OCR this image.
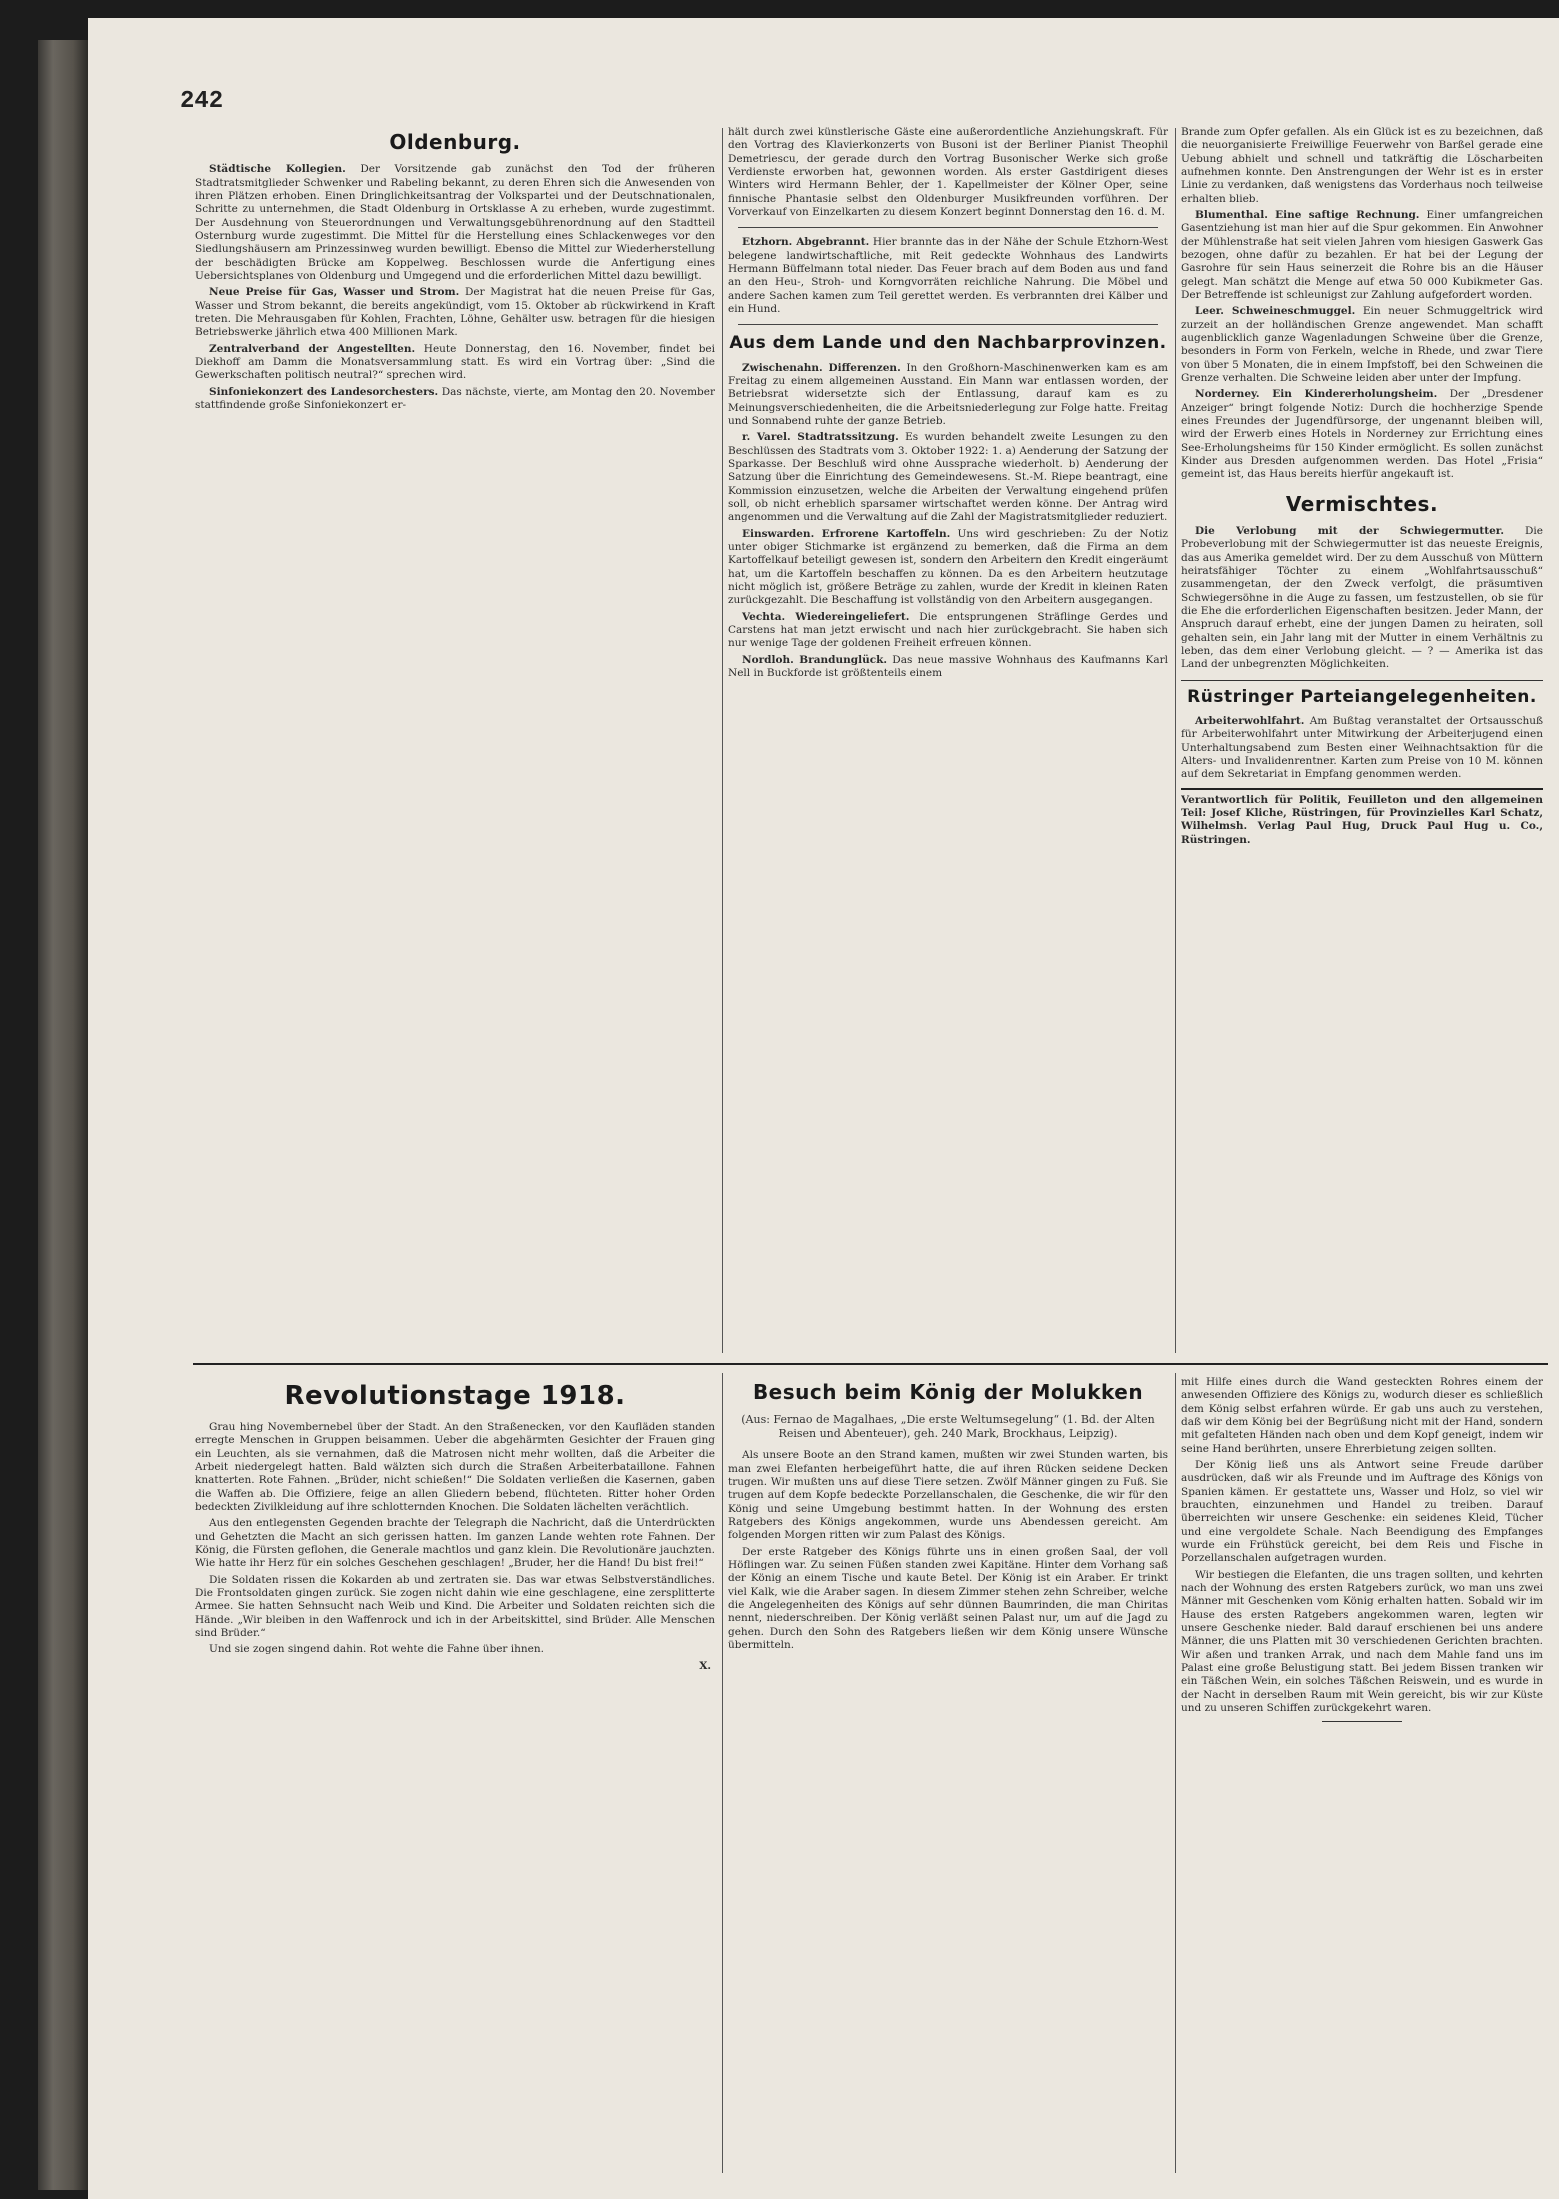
242
Oldenburg.

Städtische Kollegien. Der Vorsitzende gab zunächst den Tod der früheren Stadtratsmitglieder Schwenker und Rabeling bekannt, zu deren Ehren sich die Anwesenden von ihren Plätzen erhoben. Einen Dringlichkeitsantrag der Volkspartei und der Deutschnationalen, Schritte zu unternehmen, die Stadt Oldenburg in Ortsklasse A zu erheben, wurde zugestimmt. Der Ausdehnung von Steuerordnungen und Verwaltungsgebührenordnung auf den Stadtteil Osternburg wurde zugestimmt. Die Mittel für die Herstellung eines Schlackenweges vor den Siedlungshäusern am Prinzessinweg wurden bewilligt. Ebenso die Mittel zur Wiederherstellung der beschädigten Brücke am Koppelweg. Beschlossen wurde die Anfertigung eines Uebersichtsplanes von Oldenburg und Umgegend und die erforderlichen Mittel dazu bewilligt.

Neue Preise für Gas, Wasser und Strom. Der Magistrat hat die neuen Preise für Gas, Wasser und Strom bekannt, die bereits angekündigt, vom 15. Oktober ab rückwirkend in Kraft treten. Die Mehrausgaben für Kohlen, Frachten, Löhne, Gehälter usw. betragen für die hiesigen Betriebswerke jährlich etwa 400 Millionen Mark.

Zentralverband der Angestellten. Heute Donnerstag, den 16. November, findet bei Diekhoff am Damm die Monatsversammlung statt. Es wird ein Vortrag über: „Sind die Gewerkschaften politisch neutral?“ sprechen wird.

Sinfoniekonzert des Landesorchesters. Das nächste, vierte, am Montag den 20. November stattfindende große Sinfoniekonzert er-

hält durch zwei künstlerische Gäste eine außerordentliche Anziehungskraft. Für den Vortrag des Klavierkonzerts von Busoni ist der Berliner Pianist Theophil Demetriescu, der gerade durch den Vortrag Busonischer Werke sich große Verdienste erworben hat, gewonnen worden. Als erster Gastdirigent dieses Winters wird Hermann Behler, der 1. Kapellmeister der Kölner Oper, seine finnische Phantasie selbst den Oldenburger Musikfreunden vorführen. Der Vorverkauf von Einzelkarten zu diesem Konzert beginnt Donnerstag den 16. d. M.

Etzhorn. Abgebrannt. Hier brannte das in der Nähe der Schule Etzhorn-West belegene landwirtschaftliche, mit Reit gedeckte Wohnhaus des Landwirts Hermann Büffelmann total nieder. Das Feuer brach auf dem Boden aus und fand an den Heu-, Stroh- und Korngvorräten reichliche Nahrung. Die Möbel und andere Sachen kamen zum Teil gerettet werden. Es verbrannten drei Kälber und ein Hund.

Aus dem Lande und den Nachbarprovinzen.

Zwischenahn. Differenzen. In den Großhorn-Maschinenwerken kam es am Freitag zu einem allgemeinen Ausstand. Ein Mann war entlassen worden, der Betriebsrat widersetzte sich der Entlassung, darauf kam es zu Meinungsverschiedenheiten, die die Arbeitsniederlegung zur Folge hatte. Freitag und Sonnabend ruhte der ganze Betrieb.

r. Varel. Stadtratssitzung. Es wurden behandelt zweite Lesungen zu den Beschlüssen des Stadtrats vom 3. Oktober 1922: 1. a) Aenderung der Satzung der Sparkasse. Der Beschluß wird ohne Aussprache wiederholt. b) Aenderung der Satzung über die Einrichtung des Gemeindewesens. St.-M. Riepe beantragt, eine Kommission einzusetzen, welche die Arbeiten der Verwaltung eingehend prüfen soll, ob nicht erheblich sparsamer wirtschaftet werden könne. Der Antrag wird angenommen und die Verwaltung auf die Zahl der Magistratsmitglieder reduziert.

Einswarden. Erfrorene Kartoffeln. Uns wird geschrieben: Zu der Notiz unter obiger Stichmarke ist ergänzend zu bemerken, daß die Firma an dem Kartoffelkauf beteiligt gewesen ist, sondern den Arbeitern den Kredit eingeräumt hat, um die Kartoffeln beschaffen zu können. Da es den Arbeitern heutzutage nicht möglich ist, größere Beträge zu zahlen, wurde der Kredit in kleinen Raten zurückgezahlt. Die Beschaffung ist vollständig von den Arbeitern ausgegangen.

Vechta. Wiedereingeliefert. Die entsprungenen Sträflinge Gerdes und Carstens hat man jetzt erwischt und nach hier zurückgebracht. Sie haben sich nur wenige Tage der goldenen Freiheit erfreuen können.

Nordloh. Brandunglück. Das neue massive Wohnhaus des Kaufmanns Karl Nell in Buckforde ist größtenteils einem

Brande zum Opfer gefallen. Als ein Glück ist es zu bezeichnen, daß die neuorganisierte Freiwillige Feuerwehr von Barßel gerade eine Uebung abhielt und schnell und tatkräftig die Löscharbeiten aufnehmen konnte. Den Anstrengungen der Wehr ist es in erster Linie zu verdanken, daß wenigstens das Vorderhaus noch teilweise erhalten blieb.

Blumenthal. Eine saftige Rechnung. Einer umfangreichen Gasentziehung ist man hier auf die Spur gekommen. Ein Anwohner der Mühlenstraße hat seit vielen Jahren vom hiesigen Gaswerk Gas bezogen, ohne dafür zu bezahlen. Er hat bei der Legung der Gasrohre für sein Haus seinerzeit die Rohre bis an die Häuser gelegt. Man schätzt die Menge auf etwa 50 000 Kubikmeter Gas. Der Betreffende ist schleunigst zur Zahlung aufgefordert worden.

Leer. Schweineschmuggel. Ein neuer Schmuggeltrick wird zurzeit an der holländischen Grenze angewendet. Man schafft augenblicklich ganze Wagenladungen Schweine über die Grenze, besonders in Form von Ferkeln, welche in Rhede, und zwar Tiere von über 5 Monaten, die in einem Impfstoff, bei den Schweinen die Grenze verhalten. Die Schweine leiden aber unter der Impfung.

Norderney. Ein Kindererholungsheim. Der „Dresdener Anzeiger“ bringt folgende Notiz: Durch die hochherzige Spende eines Freundes der Jugendfürsorge, der ungenannt bleiben will, wird der Erwerb eines Hotels in Norderney zur Errichtung eines See-Erholungsheims für 150 Kinder ermöglicht. Es sollen zunächst Kinder aus Dresden aufgenommen werden. Das Hotel „Frisia“ gemeint ist, das Haus bereits hierfür angekauft ist.

Vermischtes.

Die Verlobung mit der Schwiegermutter. Die Probeverlobung mit der Schwiegermutter ist das neueste Ereignis, das aus Amerika gemeldet wird. Der zu dem Ausschuß von Müttern heiratsfähiger Töchter zu einem „Wohlfahrtsausschuß“ zusammengetan, der den Zweck verfolgt, die präsumtiven Schwiegersöhne in die Auge zu fassen, um festzustellen, ob sie für die Ehe die erforderlichen Eigenschaften besitzen. Jeder Mann, der Anspruch darauf erhebt, eine der jungen Damen zu heiraten, soll gehalten sein, ein Jahr lang mit der Mutter in einem Verhältnis zu leben, das dem einer Verlobung gleicht. — ? — Amerika ist das Land der unbegrenzten Möglichkeiten.

Rüstringer Parteiangelegenheiten.

Arbeiterwohlfahrt. Am Bußtag veranstaltet der Ortsausschuß für Arbeiterwohlfahrt unter Mitwirkung der Arbeiterjugend einen Unterhaltungsabend zum Besten einer Weihnachtsaktion für die Alters- und Invalidenrentner. Karten zum Preise von 10 M. können auf dem Sekretariat in Empfang genommen werden.

Verantwortlich für Politik, Feuilleton und den allgemeinen Teil: Josef Kliche, Rüstringen, für Provinzielles Karl Schatz, Wilhelmsh. Verlag Paul Hug, Druck Paul Hug u. Co., Rüstringen.
Revolutionstage 1918.

Grau hing Novembernebel über der Stadt. An den Straßenecken, vor den Kaufläden standen erregte Menschen in Gruppen beisammen. Ueber die abgehärmten Gesichter der Frauen ging ein Leuchten, als sie vernahmen, daß die Matrosen nicht mehr wollten, daß die Arbeiter die Arbeit niedergelegt hatten. Bald wälzten sich durch die Straßen Arbeiterbataillone. Fahnen knatterten. Rote Fahnen. „Brüder, nicht schießen!“ Die Soldaten verließen die Kasernen, gaben die Waffen ab. Die Offiziere, feige an allen Gliedern bebend, flüchteten. Ritter hoher Orden bedeckten Zivilkleidung auf ihre schlotternden Knochen. Die Soldaten lächelten verächtlich.

Aus den entlegensten Gegenden brachte der Telegraph die Nachricht, daß die Unterdrückten und Gehetzten die Macht an sich gerissen hatten. Im ganzen Lande wehten rote Fahnen. Der König, die Fürsten geflohen, die Generale machtlos und ganz klein. Die Revolutionäre jauchzten. Wie hatte ihr Herz für ein solches Geschehen geschlagen! „Bruder, her die Hand! Du bist frei!“

Die Soldaten rissen die Kokarden ab und zertraten sie. Das war etwas Selbstverständliches. Die Frontsoldaten gingen zurück. Sie zogen nicht dahin wie eine geschlagene, eine zersplitterte Armee. Sie hatten Sehnsucht nach Weib und Kind. Die Arbeiter und Soldaten reichten sich die Hände. „Wir bleiben in den Waffenrock und ich in der Arbeitskittel, sind Brüder. Alle Menschen sind Brüder.“

Und sie zogen singend dahin. Rot wehte die Fahne über ihnen.

X.
Besuch beim König der Molukken
(Aus: Fernao de Magalhaes, „Die erste Weltumsegelung“ (1. Bd. der Alten Reisen und Abenteuer), geh. 240 Mark, Brockhaus, Leipzig).

Als unsere Boote an den Strand kamen, mußten wir zwei Stunden warten, bis man zwei Elefanten herbeigeführt hatte, die auf ihren Rücken seidene Decken trugen. Wir mußten uns auf diese Tiere setzen. Zwölf Männer gingen zu Fuß. Sie trugen auf dem Kopfe bedeckte Porzellanschalen, die Geschenke, die wir für den König und seine Umgebung bestimmt hatten. In der Wohnung des ersten Ratgebers des Königs angekommen, wurde uns Abendessen gereicht. Am folgenden Morgen ritten wir zum Palast des Königs.

Der erste Ratgeber des Königs führte uns in einen großen Saal, der voll Höflingen war. Zu seinen Füßen standen zwei Kapitäne. Hinter dem Vorhang saß der König an einem Tische und kaute Betel. Der König ist ein Araber. Er trinkt viel Kalk, wie die Araber sagen. In diesem Zimmer stehen zehn Schreiber, welche die Angelegenheiten des Königs auf sehr dünnen Baumrinden, die man Chiritas nennt, niederschreiben. Der König verläßt seinen Palast nur, um auf die Jagd zu gehen. Durch den Sohn des Ratgebers ließen wir dem König unsere Wünsche übermitteln.

mit Hilfe eines durch die Wand gesteckten Rohres einem der anwesenden Offiziere des Königs zu, wodurch dieser es schließlich dem König selbst erfahren würde. Er gab uns auch zu verstehen, daß wir dem König bei der Begrüßung nicht mit der Hand, sondern mit gefalteten Händen nach oben und dem Kopf geneigt, indem wir seine Hand berührten, unsere Ehrerbietung zeigen sollten.

Der König ließ uns als Antwort seine Freude darüber ausdrücken, daß wir als Freunde und im Auftrage des Königs von Spanien kämen. Er gestattete uns, Wasser und Holz, so viel wir brauchten, einzunehmen und Handel zu treiben. Darauf überreichten wir unsere Geschenke: ein seidenes Kleid, Tücher und eine vergoldete Schale. Nach Beendigung des Empfanges wurde ein Frühstück gereicht, bei dem Reis und Fische in Porzellanschalen aufgetragen wurden.

Wir bestiegen die Elefanten, die uns tragen sollten, und kehrten nach der Wohnung des ersten Ratgebers zurück, wo man uns zwei Männer mit Geschenken vom König erhalten hatten. Sobald wir im Hause des ersten Ratgebers angekommen waren, legten wir unsere Geschenke nieder. Bald darauf erschienen bei uns andere Männer, die uns Platten mit 30 verschiedenen Gerichten brachten. Wir aßen und tranken Arrak, und nach dem Mahle fand uns im Palast eine große Belustigung statt. Bei jedem Bissen tranken wir ein Täßchen Wein, ein solches Täßchen Reiswein, und es wurde in der Nacht in derselben Raum mit Wein gereicht, bis wir zur Küste und zu unseren Schiffen zurückgekehrt waren.
